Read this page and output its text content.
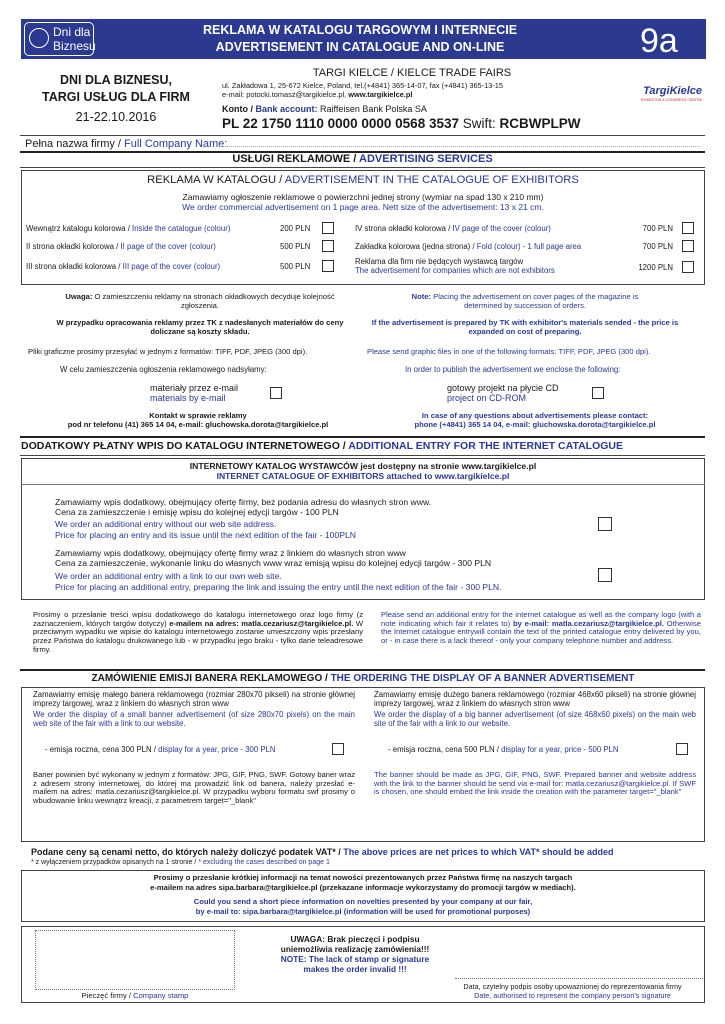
Dni dla
Biznesu
REKLAMA W KATALOGU TARGOWYM I INTERNECIE
ADVERTISEMENT IN CATALOGUE AND ON-LINE	9a
DNI DLA BIZNESU,
TARGI USŁUG DLA FIRM
21-22.10.2016
TARGI KIELCE / KIELCE TRADE FAIRS
ul. Zakładowa 1, 25-672 Kielce, Poland, tel.(+4841) 365-14-07, fax (+4841) 365-13-15
e-mail: potocki.tomasz@targikielce.pl, www.targikielce.pl
Konto / Bank account: Raiffeisen Bank Polska SA
PL 22 1750 1110 0000 0000 0568 3537 Swift: RCBWPLPW
TargiKielce
EXHIBITION & CONGRESS CENTRE
Pełna nazwa firmy / Full Company Name:
USŁUGI REKLAMOWE / ADVERTISING SERVICES
REKLAMA W KATALOGU / ADVERTISEMENT IN THE CATALOGUE OF EXHIBITORS
Zamawiamy ogłoszenie reklamowe o powierzchni jednej strony (wymiar na spad 130 x 210 mm)
We order commercial advertisement on 1 page area. Nett size of the advertisement: 13 x 21 cm.
Wewnątrz katalogu kolorowa / Inside the catalogue (colour)	200 PLN
II strona okładki kolorowa / II page of the cover (colour)	500 PLN
III strona okładki kolorowa / III page of the cover (colour)	500 PLN
IV strona okładki kolorowa / IV page of the cover (colour)	700 PLN
Zakładka kolorowa (jedna strona) / Fold (colour) - 1 full page area	700 PLN
Reklama dla firm nie będących wystawcą targów
The advertisement for companies which are not exhibitors	1200 PLN
Uwaga: O zamieszczeniu reklamy na stronach okładkowych decyduje kolejność zgłoszenia.
Note: Placing the advertisement on cover pages of the magazine is determined by succession of orders.
W przypadku opracowania reklamy przez TK z nadesłanych materiałów do ceny doliczane są koszty składu.
If the advertisement is prepared by TK with exhibitor's materials sended - the price is expanded on cost of preparing.
Pliki graficzne prosimy przesyłać w jednym z formatów: TIFF, PDF, JPEG (300 dpi).	Please send graphic files in one of the following formats: TIFF, PDF, JPEG (300 dpi).
W celu zamieszczenia ogłoszenia reklamowego nadsyłamy:	In order to publish the advertisement we enclose the following:
materiały przez e-mail
materials by e-mail
gotowy projekt na płycie CD
project on CD-ROM
Kontakt w sprawie reklamy
pod nr telefonu (41) 365 14 04, e-mail: gluchowska.dorota@targikielce.pl
In case of any questions about advertisements please contact:
phone (+4841) 365 14 04, e-mail: gluchowska.dorota@targikielce.pl
DODATKOWY PŁATNY WPIS DO KATALOGU INTERNETOWEGO / ADDITIONAL ENTRY FOR THE INTERNET CATALOGUE
INTERNETOWY KATALOG WYSTAWCÓW jest dostępny na stronie www.targikielce.pl
INTERNET CATALOGUE OF EXHIBITORS attached to www.targikielce.pl
Zamawiamy wpis dodatkowy, obejmujący ofertę firmy, bez podania adresu do własnych stron www.
Cena za zamieszczenie i emisję wpisu do kolejnej edycji targów - 100 PLN
We order an additional entry without our web site address.
Price for placing an entry and its issue until the next edition of the fair - 100PLN
Zamawiamy wpis dodatkowy, obejmujący ofertę firmy wraz z linkiem do własnych stron www
Cena za zamieszczenie, wykonanie linku do własnych www wraz emisją wpisu do kolejnej edycji targów - 300 PLN
We order an additional entry with a link to our own web site.
Price for placing an additional entry, preparing the link and issuing the entry until the next edition of the fair - 300 PLN.
Prosimy o przesłanie treści wpisu dodatkowego do katalogu internetowego oraz logo firmy (z zaznaczeniem, których targów dotyczy) e-mailem na adres: matla.cezariusz@targikielce.pl. W przeciwnym wypadku we wpisie do katalogu internetowego zostanie umieszczony wpis przesłany przez Państwa do katalogu drukowanego lub - w przypadku jego braku - tylko dane teleadresowe firmy.
Please send an additional entry for the internet catalogue as well as the company logo (with a note indicating which fair it relates to) by e-mail: matla.cezariusz@targikielce.pl. Otherwise the Internet catalogue entrywill contain the text of the printed catalogue entry delivered by you, or - in case there is a lack thereof - only your company telephone number and address.
ZAMÓWIENIE EMISJI BANERA REKLAMOWEGO / THE ORDERING THE DISPLAY OF A BANNER ADVERTISEMENT
Zamawiamy emisję małego banera reklamowego (rozmiar 280x70 pikseli) na stronie głównej imprezy targowej, wraz z linkiem do własnych stron www
We order the display of a small banner advertisement (of size 280x70 pixels) on the main web site of the fair with a link to our website.
- emisja roczna, cena 300 PLN / display for a year, price - 300 PLN
Zamawiamy emisję dużego banera reklamowego (rozmiar 468x60 pikseli) na stronie głównej imprezy targowej, wraz z linkiem do własnych stron www
We order the display of a big banner advertisement (of size 468x60 pixels) on the main web site of the fair with a link to our website.
- emisja roczna, cena 500 PLN / display for a year, price - 500 PLN
Baner powinien być wykonany w jednym z formatów: JPG, GIF, PNG, SWF. Gotowy baner wraz z adresem strony internetowej, do której ma prowadzić link od banera, należy przesłać e-mailem na adres: matla.cezariusz@targikielce.pl. W przypadku wyboru formatu swf prosimy o wbudowanie linku wewnątrz kreacji, z parametrem target="_blank"
The banner should be made as JPG, GIF, PNG, SWF. Prepared banner and website address with the link to the banner should be send via e-mail for: matla.cezariusz@targikielce.pl. If SWF is chosen, one should embed the link inside the creation with the parameter target="_blank"
Podane ceny są cenami netto, do których należy doliczyć podatek VAT* / The above prices are net prices to which VAT* should be added
* z wyłączeniem przypadków opisanych na 1 stronie / * excluding the cases described on page 1
Prosimy o przesłanie krótkiej informacji na temat nowości prezentowanych przez Państwa firmę na naszych targach
e-mailem na adres sipa.barbara@targikielce.pl (przekazane informacje wykorzystamy do promocji targów w mediach).
Could you send a short piece information on novelties presented by your company at our fair,
by e-mail to: sipa.barbara@targikielce.pl (information will be used for promotional purposes)
Pieczęć firmy / Company stamp
UWAGA: Brak pieczęci i podpisu
uniemożliwia realizację zamówienia!!!
NOTE: The lack of stamp or signature
makes the order invalid !!!
Data, czytelny podpis osoby upoważnionej do reprezentowania firmy
Date, authorised to represent the company person's signature
